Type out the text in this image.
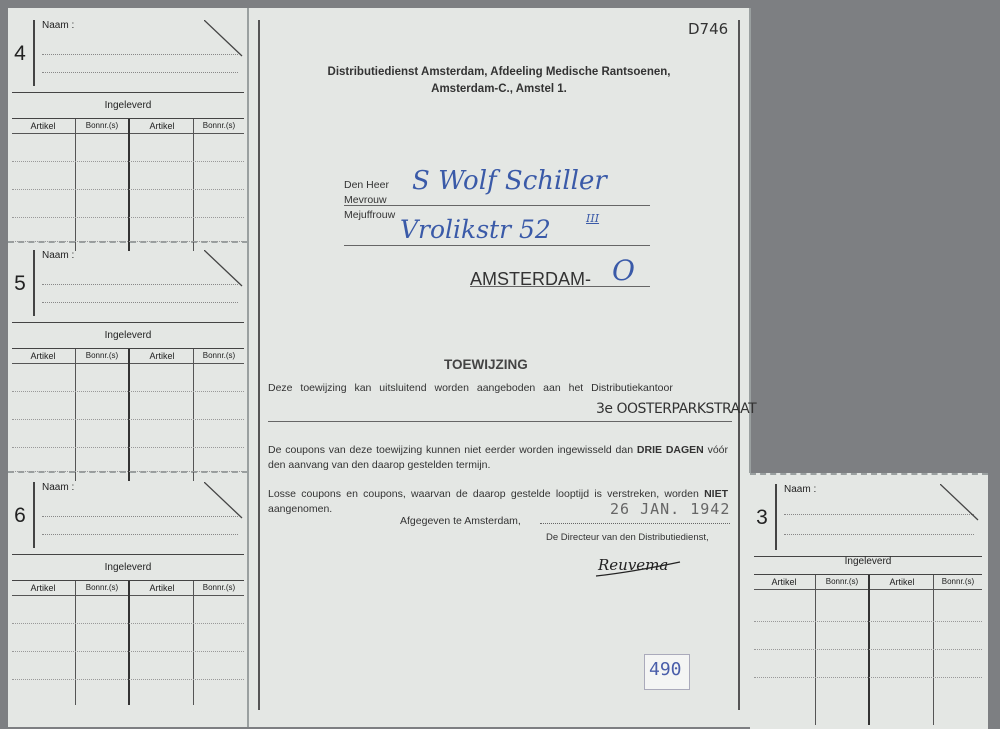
4
Naam :
Ingeleverd
Artikel	Bonnr.(s)	Artikel	Bonnr.(s)
5
Naam :
Ingeleverd
Artikel	Bonnr.(s)	Artikel	Bonnr.(s)
6
Naam :
Ingeleverd
Artikel	Bonnr.(s)	Artikel	Bonnr.(s)
3
Naam :
Ingeleverd
Artikel	Bonnr.(s)	Artikel	Bonnr.(s)
D746
Distributiedienst Amsterdam, Afdeeling Medische Rantsoenen,
Amsterdam-C., Amstel 1.
Den Heer
Mevrouw
Mejuffrouw
S Wolf Schiller
Vrolikstr 52	III
AMSTERDAM- O
TOEWIJZING
Deze toewijzing kan uitsluitend worden aangeboden aan het Distributiekantoor
3e OOSTERPARKSTRAAT
De coupons van deze toewijzing kunnen niet eerder worden ingewisseld dan DRIE DAGEN vóór den aanvang van den daarop gestelden termijn.
Losse coupons en coupons, waarvan de daarop gestelde looptijd is verstreken, worden NIET aangenomen.
Afgegeven te Amsterdam,
26 JAN. 1942
De Directeur van den Distributiedienst,
Reuvema
490
